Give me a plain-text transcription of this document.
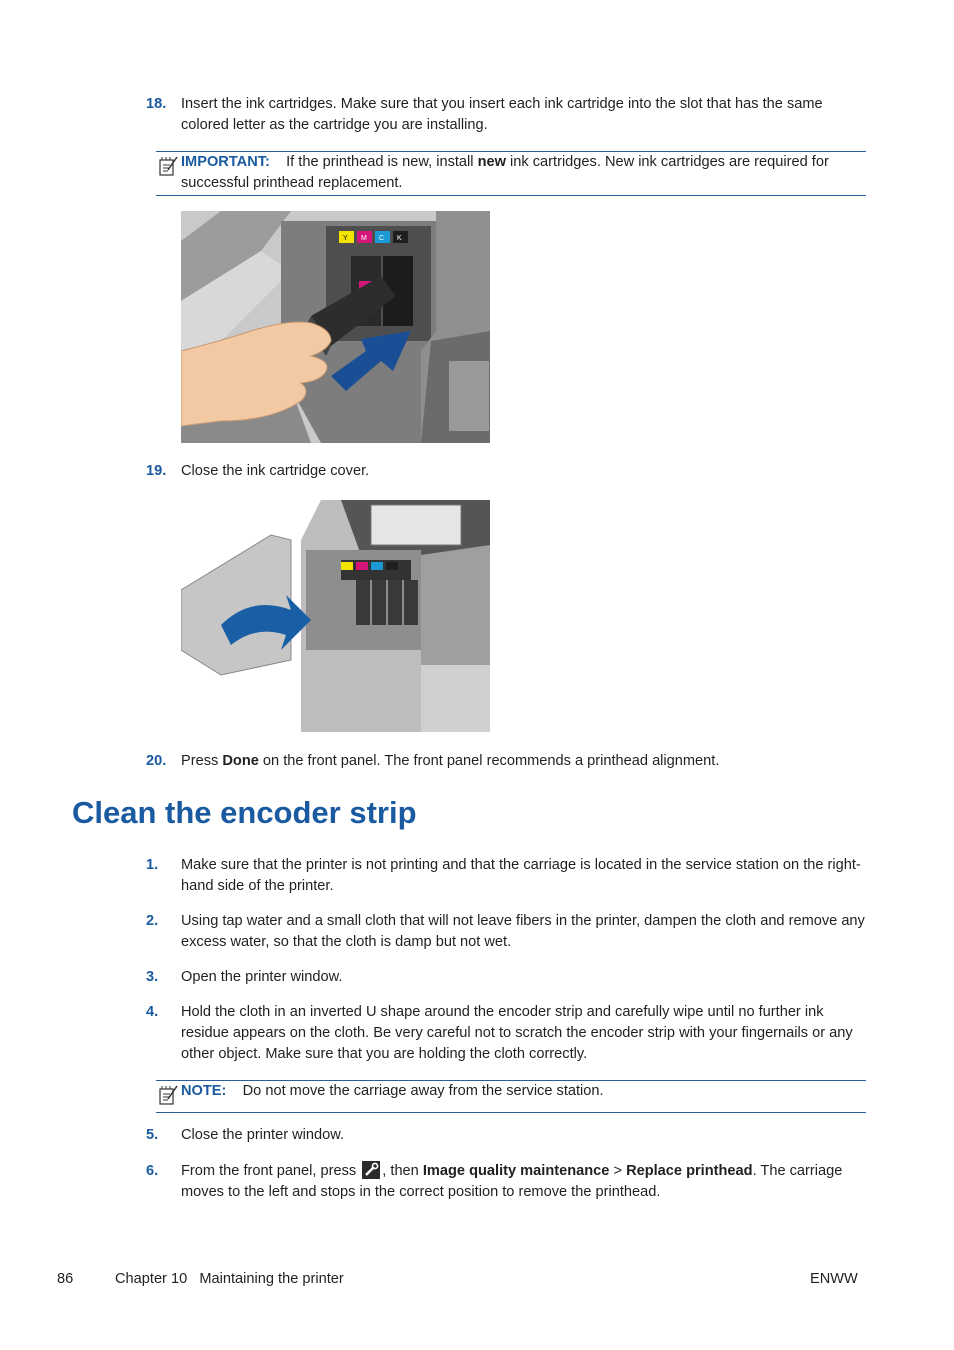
18. Insert the ink cartridges. Make sure that you insert each ink cartridge into the slot that has the same colored letter as the cartridge you are installing.
IMPORTANT: If the printhead is new, install new ink cartridges. New ink cartridges are required for successful printhead replacement.
Y M C K
19. Close the ink cartridge cover.
20. Press Done on the front panel. The front panel recommends a printhead alignment.
Clean the encoder strip
1. Make sure that the printer is not printing and that the carriage is located in the service station on the right-hand side of the printer.
2. Using tap water and a small cloth that will not leave fibers in the printer, dampen the cloth and remove any excess water, so that the cloth is damp but not wet.
3. Open the printer window.
4. Hold the cloth in an inverted U shape around the encoder strip and carefully wipe until no further ink residue appears on the cloth. Be very careful not to scratch the encoder strip with your fingernails or any other object. Make sure that you are holding the cloth correctly.
NOTE: Do not move the carriage away from the service station.
5. Close the printer window.
6. From the front panel, press , then Image quality maintenance > Replace printhead. The carriage moves to the left and stops in the correct position to remove the printhead.
86	Chapter 10   Maintaining the printer	ENWW
